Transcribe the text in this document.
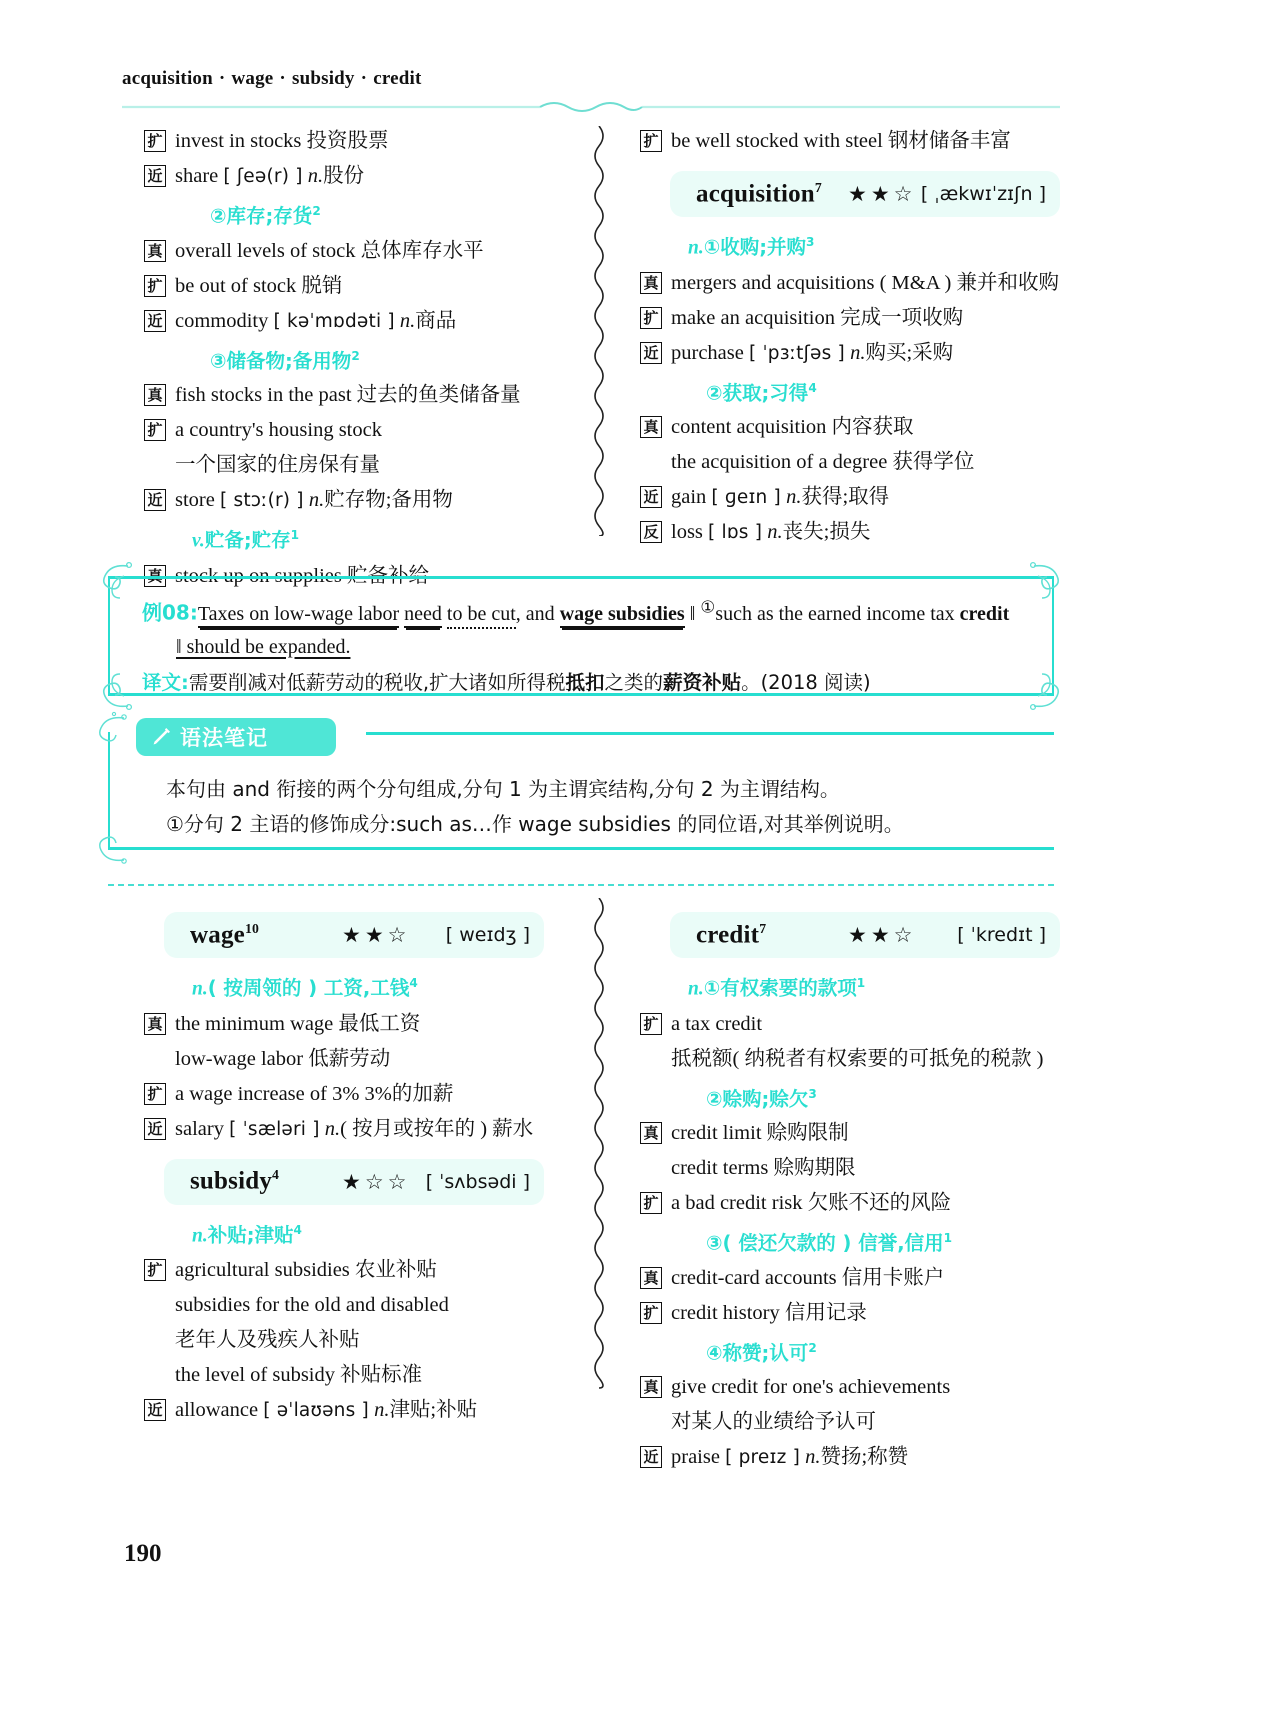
acquisition · wage · subsidy · credit
扩 invest in stocks 投资股票
近 share [ ʃeə(r) ] n.股份
②库存;存货$^2$
真 overall levels of stock 总体库存水平
扩 be out of stock 脱销
近 commodity [ kəˈmɒdəti ] n.商品
③储备物;备用物$^2$
真 fish stocks in the past 过去的鱼类储备量
扩 a country's housing stock
一个国家的住房保有量
近 store [ stɔː(r) ] n.贮存物;备用物
v.贮备;贮存$^1$
真 stock up on supplies 贮备补给
扩 be well stocked with steel 钢材储备丰富
acquisition$^7$ ★★☆ [ ˌækwɪˈzɪʃn ]
n.①收购;并购$^3$
真 mergers and acquisitions ( M&A ) 兼并和收购
扩 make an acquisition 完成一项收购
近 purchase [ ˈpɜːtʃəs ] n.购买;采购
②获取;习得$^4$
真 content acquisition 内容获取
the acquisition of a degree 获得学位
近 gain [ ɡeɪn ] n.获得;取得
反 loss [ lɒs ] n.丧失;损失
例08:Taxes on low-wage labor need to be cut, and wage subsidies ‖ ①such as the earned income tax credit
‖ should be expanded.
译文:需要削减对低薪劳动的税收,扩大诸如所得税抵扣之类的薪资补贴。(2018 阅读)
语法笔记
本句由 and 衔接的两个分句组成,分句 1 为主谓宾结构,分句 2 为主谓结构。
①分句 2 主语的修饰成分:such as…作 wage subsidies 的同位语,对其举例说明。
wage$^{10}$	★★☆ [ weɪdʒ ]
n.( 按周领的 ) 工资,工钱$^4$
真 the minimum wage 最低工资
low-wage labor 低薪劳动
扩 a wage increase of 3% 3%的加薪
近 salary [ ˈsæləri ] n.( 按月或按年的 ) 薪水
subsidy$^4$	★☆☆ [ ˈsʌbsədi ]
n.补贴;津贴$^4$
扩 agricultural subsidies 农业补贴
subsidies for the old and disabled
老年人及残疾人补贴
the level of subsidy 补贴标准
近 allowance [ əˈlaʊəns ] n.津贴;补贴
credit$^7$	★★☆ [ ˈkredɪt ]
n.①有权索要的款项$^1$
扩 a tax credit
抵税额( 纳税者有权索要的可抵免的税款 )
②赊购;赊欠$^3$
真 credit limit 赊购限制
credit terms 赊购期限
扩 a bad credit risk 欠账不还的风险
③( 偿还欠款的 ) 信誉,信用$^1$
真 credit-card accounts 信用卡账户
扩 credit history 信用记录
④称赞;认可$^2$
真 give credit for one's achievements
对某人的业绩给予认可
近 praise [ preɪz ] n.赞扬;称赞
190
